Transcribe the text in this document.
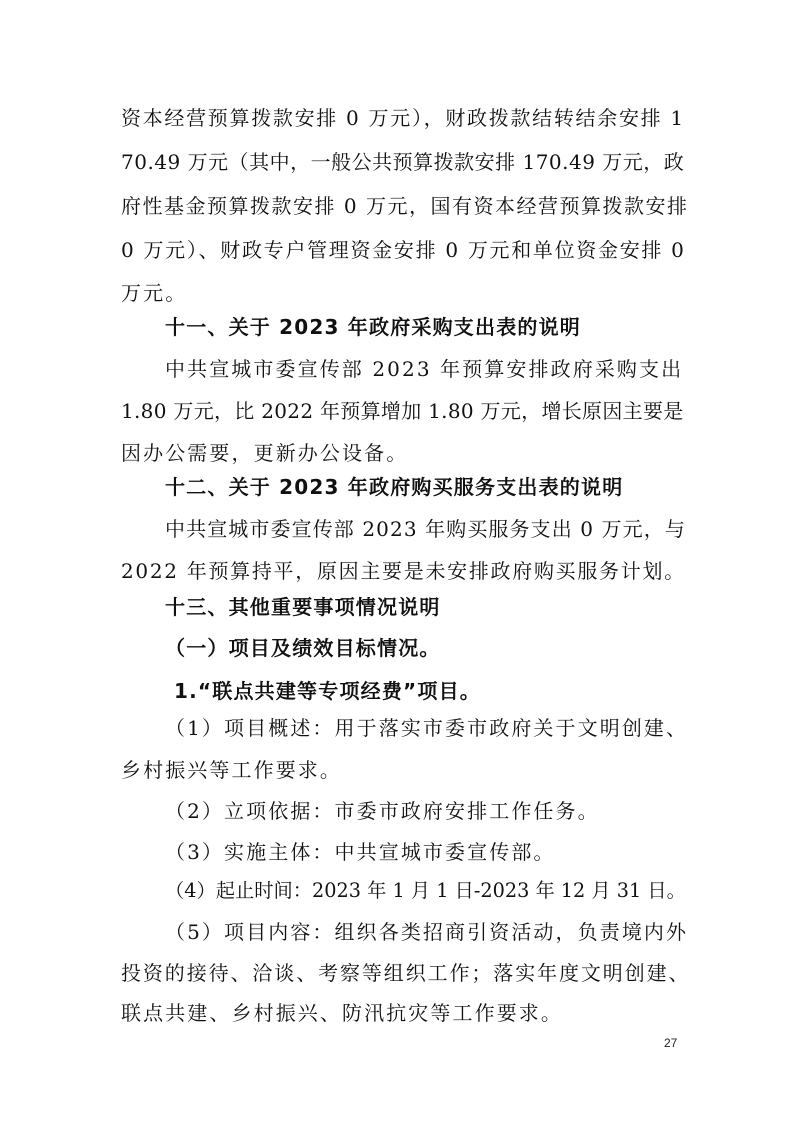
资本经营预算拨款安排 0 万元），财政拨款结转结余安排 1

70.49 万元（其中，一般公共预算拨款安排 170.49 万元，政

府性基金预算拨款安排 0 万元，国有资本经营预算拨款安排

0 万元）、财政专户管理资金安排 0 万元和单位资金安排 0

万元。

十一、关于 2023 年政府采购支出表的说明

中共宣城市委宣传部 2023 年预算安排政府采购支出

1.80 万元，比 2022 年预算增加 1.80 万元，增长原因主要是

因办公需要，更新办公设备。

十二、关于 2023 年政府购买服务支出表的说明

中共宣城市委宣传部 2023 年购买服务支出 0 万元，与

2022 年预算持平，原因主要是未安排政府购买服务计划。

十三、其他重要事项情况说明

（一）项目及绩效目标情况。

1.“联点共建等专项经费”项目。

（1）项目概述：用于落实市委市政府关于文明创建、

乡村振兴等工作要求。

（2）立项依据：市委市政府安排工作任务。

（3）实施主体：中共宣城市委宣传部。

（4）起止时间：2023 年 1 月 1 日-2023 年 12 月 31 日。

（5）项目内容：组织各类招商引资活动，负责境内外

投资的接待、洽谈、考察等组织工作；落实年度文明创建、

联点共建、乡村振兴、防汛抗灾等工作要求。

27
